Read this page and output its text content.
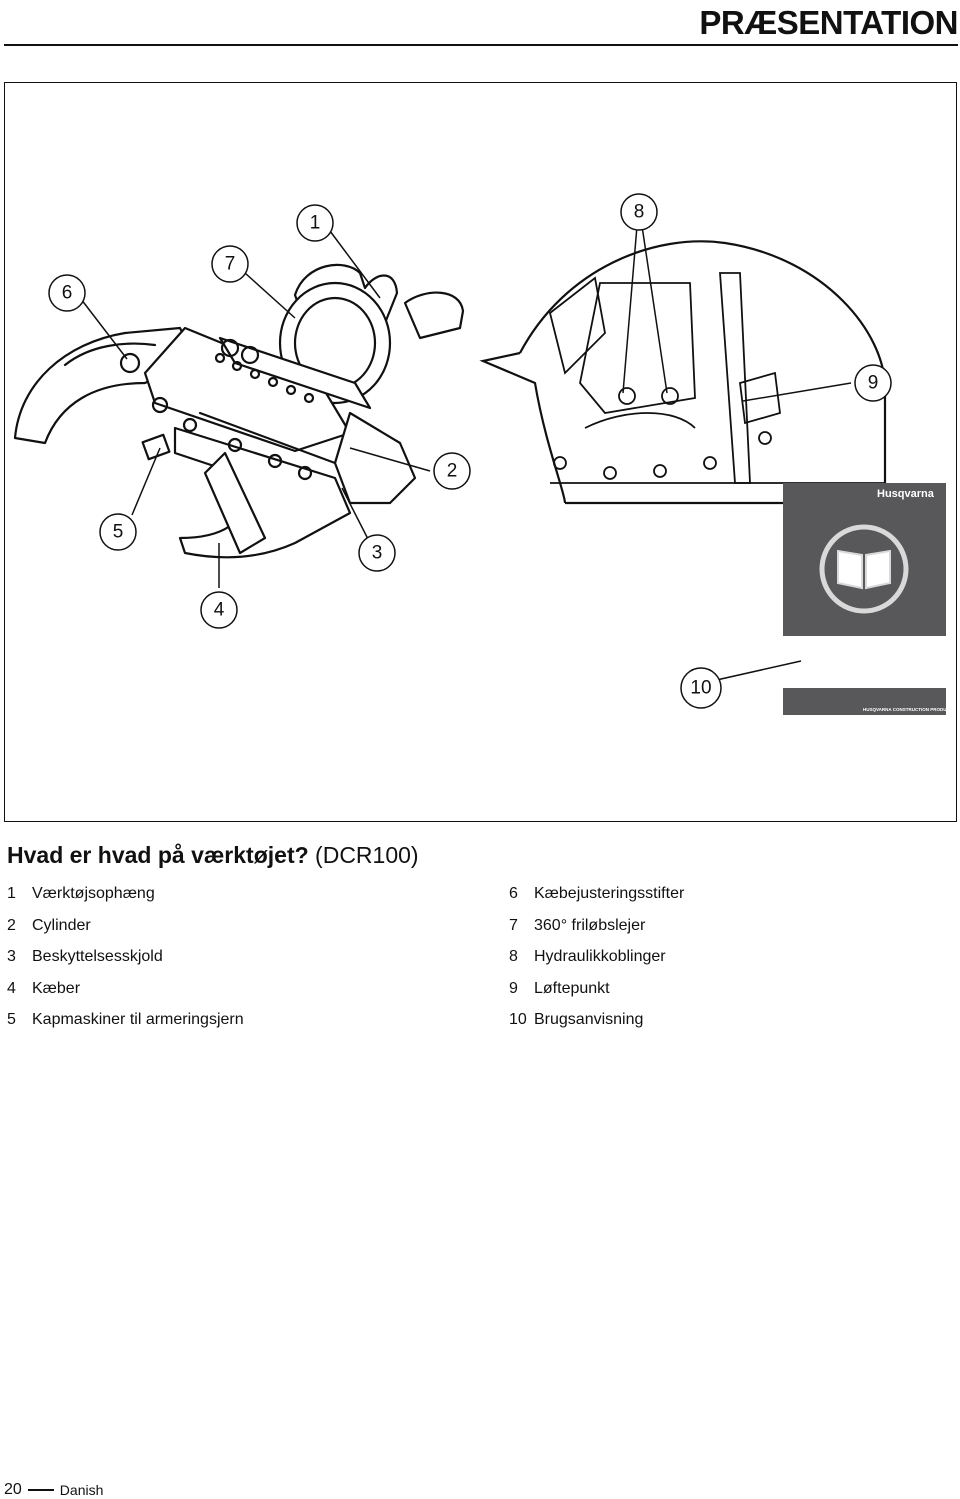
PRÆSENTATION
Husqvarna
HUSQVARNA CONSTRUCTION PRODUCTS
1
7
6
8
9
2
3
5
4
10
Hvad er hvad på værktøjet? (DCR100)
1	Værktøjsophæng
2	Cylinder
3	Beskyttelsesskjold
4	Kæber
5	Kapmaskiner til armeringsjern
6	Kæbejusteringsstifter
7	360° friløbslejer
8	Hydraulikkoblinger
9	Løftepunkt
10 Brugsanvisning
20	Danish
